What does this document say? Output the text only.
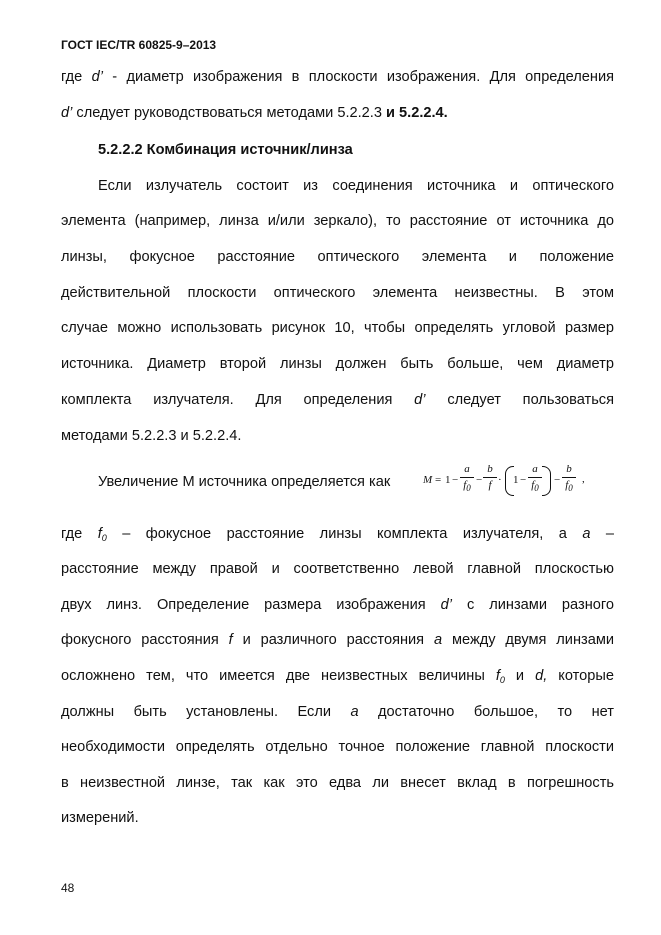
ГОСТ IEC/TR 60825-9–2013
где d’ - диаметр изображения в плоскости изображения. Для определения
d’ следует руководствоваться методами 5.2.2.3 и 5.2.2.4.
5.2.2.2 Комбинация источник/линза
Если излучатель состоит из соединения источника и оптического
элемента (например, линза и/или зеркало), то расстояние от источника до
линзы, фокусное расстояние оптического элемента и положение
действительной плоскости оптического элемента неизвестны. В этом
случае можно использовать рисунок 10, чтобы определять угловой размер
источника. Диаметр второй линзы должен быть больше, чем диаметр
комплекта излучателя. Для определения d’ следует пользоваться
методами 5.2.2.3 и 5.2.2.4.
Увеличение М источника определяется как	M = 1 −
a
$f_0$
−
b
f · 1 −
a
$f_0$
−
b
$f_0$
,
где $f_0$ – фокусное расстояние линзы комплекта излучателя, а a –
расстояние между правой и соответственно левой главной плоскостью
двух линз. Определение размера изображения d’ с линзами разного
фокусного расстояния f и различного расстояния a между двумя линзами
осложнено тем, что имеется две неизвестных величины $f_0$ и d, которые
должны быть установлены. Если a достаточно большое, то нет
необходимости определять отдельно точное положение главной плоскости
в неизвестной линзе, так как это едва ли внесет вклад в погрешность
измерений.
48
